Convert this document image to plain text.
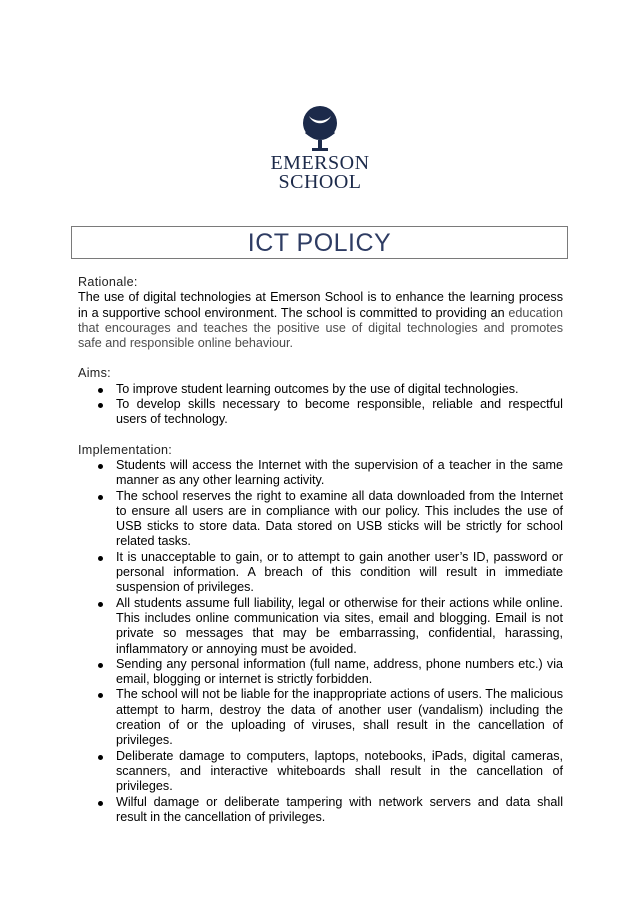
EMERSON
SCHOOL
ICT POLICY

Rationale:

The use of digital technologies at Emerson School is to enhance the learning process in a supportive school environment. The school is committed to providing an education that encourages and teaches the positive use of digital technologies and promotes safe and responsible online behaviour.

Aims:

To improve student learning outcomes by the use of digital technologies.
To develop skills necessary to become responsible, reliable and respectful users of technology.

Implementation:

Students will access the Internet with the supervision of a teacher in the same manner as any other learning activity.
The school reserves the right to examine all data downloaded from the Internet to ensure all users are in compliance with our policy. This includes the use of USB sticks to store data. Data stored on USB sticks will be strictly for school related tasks.
It is unacceptable to gain, or to attempt to gain another user’s ID, password or personal information. A breach of this condition will result in immediate suspension of privileges.
All students assume full liability, legal or otherwise for their actions while online. This includes online communication via sites, email and blogging. Email is not private so messages that may be embarrassing, confidential, harassing, inflammatory or annoying must be avoided.
Sending any personal information (full name, address, phone numbers etc.) via email, blogging or internet is strictly forbidden.
The school will not be liable for the inappropriate actions of users. The malicious attempt to harm, destroy the data of another user (vandalism) including the creation of or the uploading of viruses, shall result in the cancellation of privileges.
Deliberate damage to computers, laptops, notebooks, iPads, digital cameras, scanners, and interactive whiteboards shall result in the cancellation of privileges.
Wilful damage or deliberate tampering with network servers and data shall result in the cancellation of privileges.
